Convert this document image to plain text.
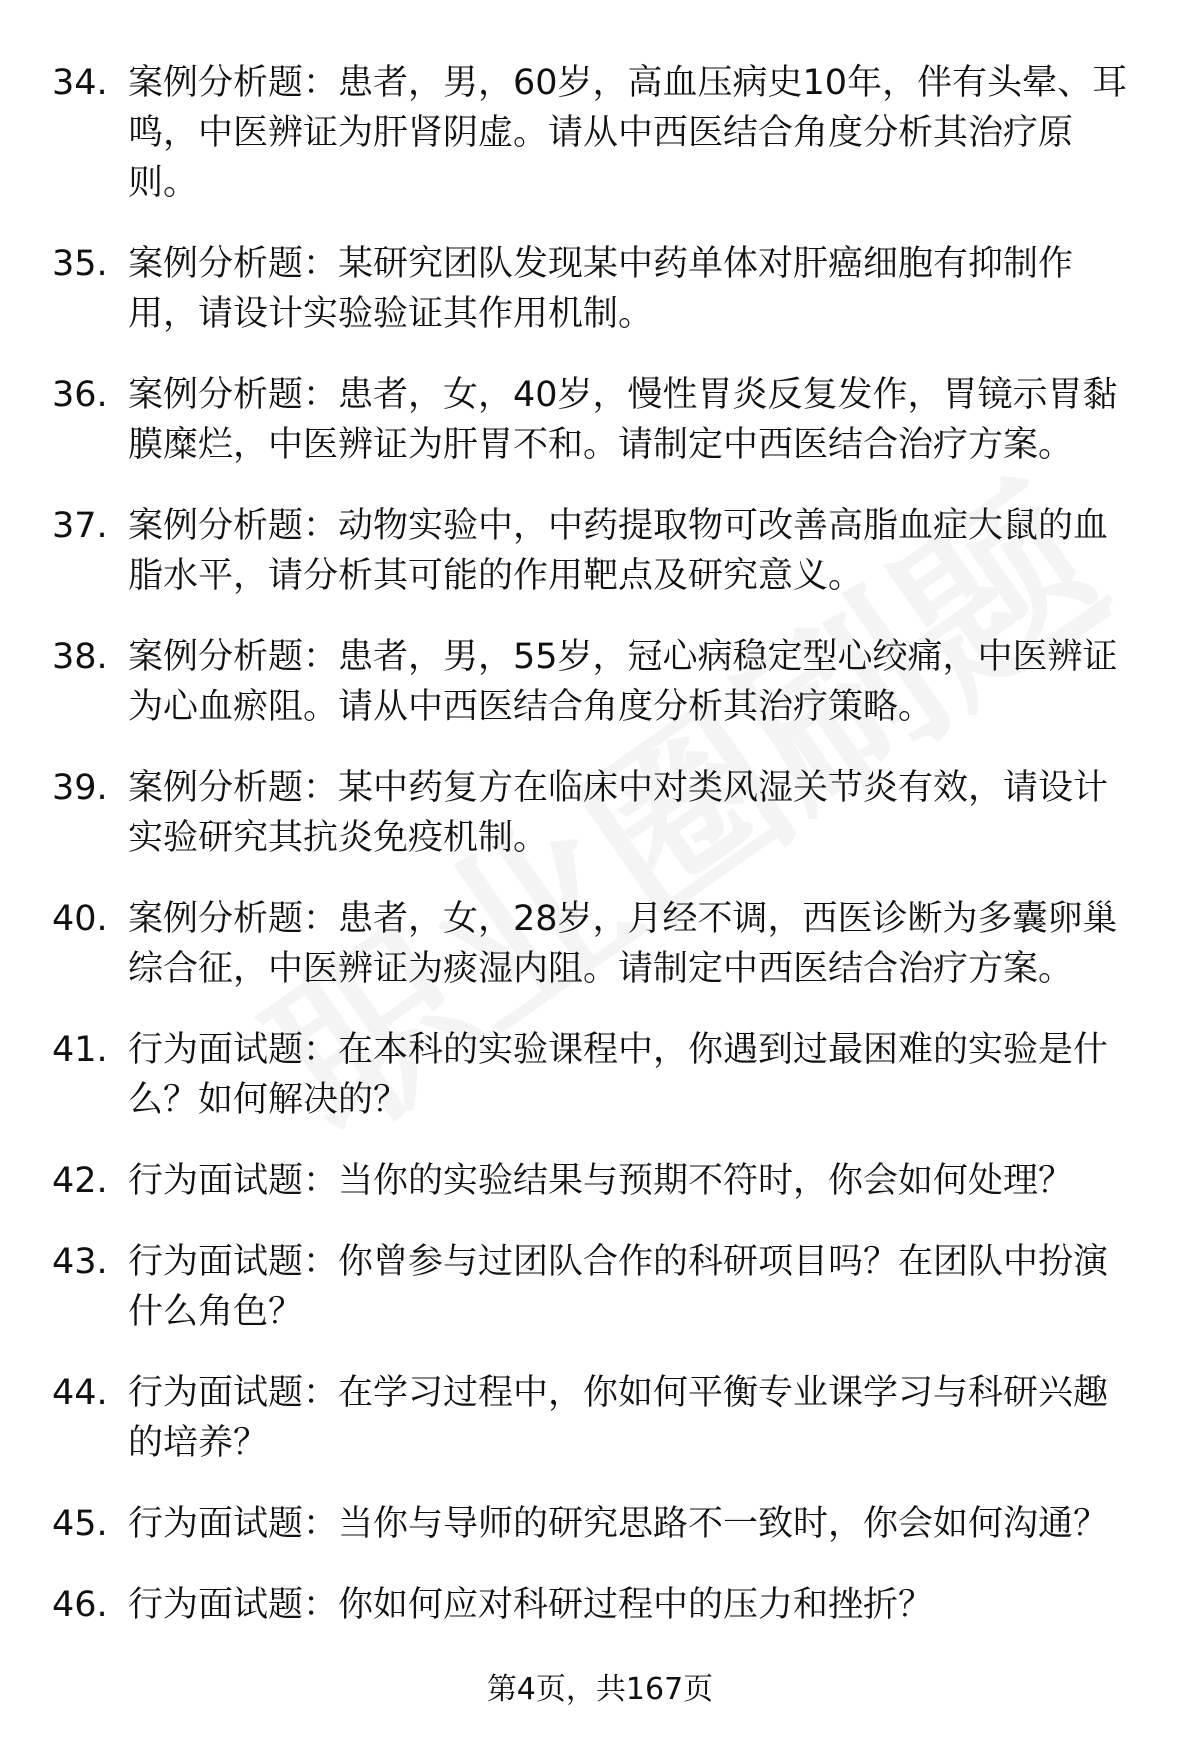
34. 案例分析题：患者，男，60岁，高血压病史10年，伴有头晕、耳鸣，中医辨证为肝肾阴虚。请从中西医结合角度分析其治疗原则。
35. 案例分析题：某研究团队发现某中药单体对肝癌细胞有抑制作用，请设计实验验证其作用机制。
36. 案例分析题：患者，女，40岁，慢性胃炎反复发作，胃镜示胃黏膜糜烂，中医辨证为肝胃不和。请制定中西医结合治疗方案。
37. 案例分析题：动物实验中，中药提取物可改善高脂血症大鼠的血脂水平，请分析其可能的作用靶点及研究意义。
38. 案例分析题：患者，男，55岁，冠心病稳定型心绞痛，中医辨证为心血瘀阻。请从中西医结合角度分析其治疗策略。
39. 案例分析题：某中药复方在临床中对类风湿关节炎有效，请设计实验研究其抗炎免疫机制。
40. 案例分析题：患者，女，28岁，月经不调，西医诊断为多囊卵巢综合征，中医辨证为痰湿内阻。请制定中西医结合治疗方案。
41. 行为面试题：在本科的实验课程中，你遇到过最困难的实验是什么？如何解决的？
42. 行为面试题：当你的实验结果与预期不符时，你会如何处理？
43. 行为面试题：你曾参与过团队合作的科研项目吗？在团队中扮演什么角色？
44. 行为面试题：在学习过程中，你如何平衡专业课学习与科研兴趣的培养？
45. 行为面试题：当你与导师的研究思路不一致时，你会如何沟通？
46. 行为面试题：你如何应对科研过程中的压力和挫折？
第4页，共167页
